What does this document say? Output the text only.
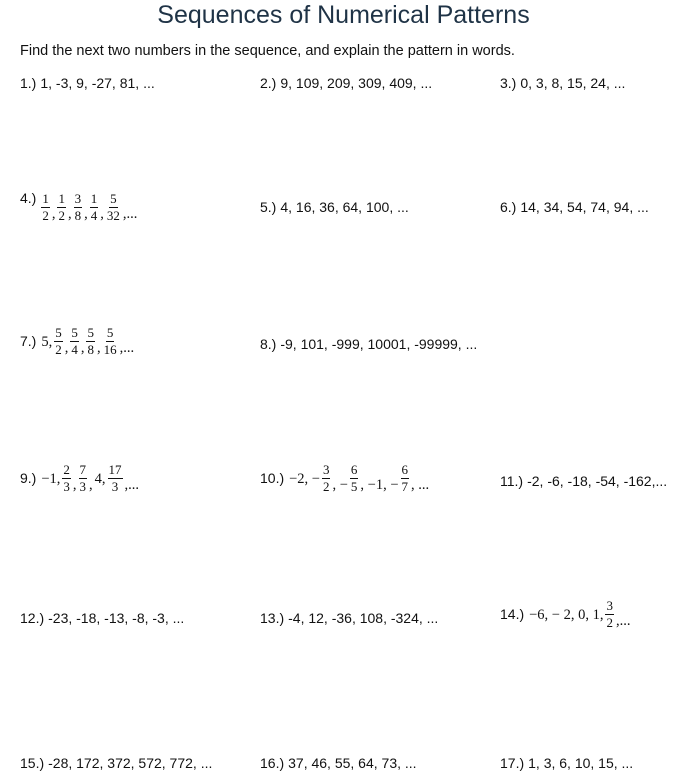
Sequences of Numerical Patterns
Find the next two numbers in the sequence, and explain the pattern in words.
1.) 1, -3, 9, -27, 81, ...	2.) 9, 109, 209, 309, 409, ...	3.) 0, 3, 8, 15, 24, ...
$4.) \frac{1}{2}$ , $\frac{1}{2}$ , $\frac{3}{8}$ , $\frac{1}{4}$ , $\frac{5}{32}$ ,...	5.) 4, 16, 36, 64, 100, ...	6.) 14, 34, 54, 74, 94, ...
7.) 5, $\frac{5}{2}$ , $\frac{5}{4}$ , $\frac{5}{8}$ , $\frac{5}{16}$ ,...	8.) -9, 101, -999, 10001, -99999, ...
9.) −1, $\frac{2}{3}$ , $\frac{7}{3}$ , 4, $\frac{17}{3}$ ,...	10.) −2, − $\frac{3}{2}$ , − $\frac{6}{5}$ , −1, − $\frac{6}{7}$ , ...	11.) -2, -6, -18, -54, -162,...
12.) -23, -18, -13, -8, -3, ...	13.) -4, 12, -36, 108, -324, ...	14.) −6, − 2, 0, 1, $\frac{3}{2}$ ,...
15.) -28, 172, 372, 572, 772, ...	16.) 37, 46, 55, 64, 73, ...	17.) 1, 3, 6, 10, 15, ...
